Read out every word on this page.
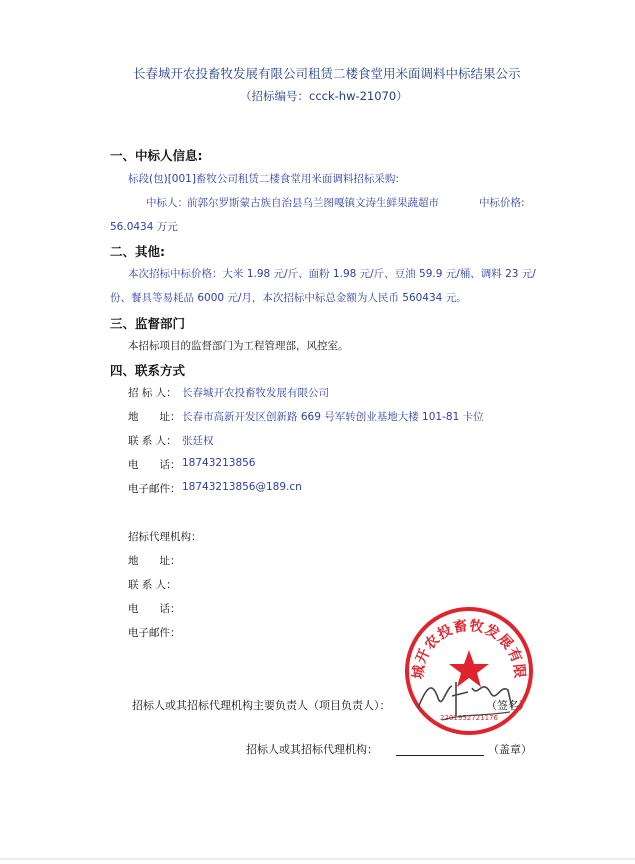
长春城开农投畜牧发展有限公司租赁二楼食堂用米面调料中标结果公示
（招标编号：ccck-hw-21070）
一、中标人信息:
标段(包)[001]畜牧公司租赁二楼食堂用米面调料招标采购:
中标人： 前郭尔罗斯蒙古族自治县乌兰图嘎镇文涛生鲜果蔬超市	中标价格:
56.0434 万元
二、其他:
本次招标中标价格：大米 1.98 元/斤、面粉 1.98 元/斤、豆油 59.9 元/桶、调料 23 元/
份、餐具等易耗品 6000 元/月，本次招标中标总金额为人民币 560434 元。
三、监督部门
本招标项目的监督部门为工程管理部，风控室。
四、联系方式
招 标 人： 长春城开农投畜牧发展有限公司
地　　址： 长春市高新开发区创新路 669 号军转创业基地大楼 101-81 卡位
联 系 人： 张廷权
电　　话： 18743213856
电子邮件： 18743213856@189.cn
招标代理机构：
地　　址：
联 系 人：
电　　话：
电子邮件：
招标人或其招标代理机构主要负责人（项目负责人）：	（签名）
招标人或其招标代理机构：	（盖章）
城开农投畜牧发展有限
2201952721176
